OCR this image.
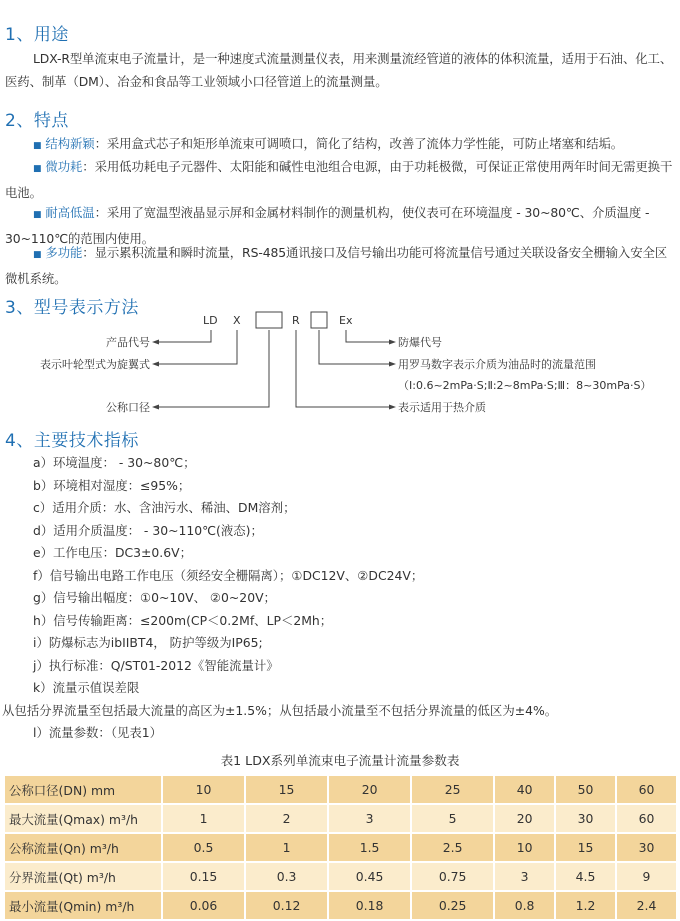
1、用途
LDX-R型单流束电子流量计，是一种速度式流量测量仪表，用来测量流经管道的液体的体积流量，适用于石油、化工、医药、制革（DM）、冶金和食品等工业领域小口径管道上的流量测量。
2、特点
■ 结构新颖：采用盒式芯子和矩形单流束可调喷口，简化了结构，改善了流体力学性能，可防止堵塞和结垢。
■ 微功耗：采用低功耗电子元器件、太阳能和碱性电池组合电源，由于功耗极微，可保证正常使用两年时间无需更换干电池。
■ 耐高低温：采用了宽温型液晶显示屏和金属材料制作的测量机构，使仪表可在环境温度 - 30~80℃、介质温度 - 30~110℃的范围内使用。
■ 多功能：显示累积流量和瞬时流量，RS-485通讯接口及信号输出功能可将流量信号通过关联设备安全栅输入安全区微机系统。
3、型号表示方法
LD X	R	Ex
产品代号
表示叶轮型式为旋翼式
公称口径
防爆代号
用罗马数字表示介质为油品时的流量范围
（Ⅰ:0.6~2mPa·S;Ⅱ:2~8mPa·S;Ⅲ：8~30mPa·S）
表示适用于热介质
4、主要技术指标
a）环境温度： - 30~80℃；
b）环境相对湿度：≤95%；
c）适用介质：水、含油污水、稀油、DM溶剂；
d）适用介质温度： - 30~110℃(液态)；
e）工作电压：DC3±0.6V；
f）信号输出电路工作电压（须经安全栅隔离）；①DC12V、②DC24V；
g）信号输出幅度：①0~10V、 ②0~20V；
h）信号传输距离：≤200m(CP＜0.2Mf、LP＜2Mh；
i）防爆标志为ibIIBT4， 防护等级为IP65;
j）执行标准：Q/ST01-2012《智能流量计》
k）流量示值误差限
从包括分界流量至包括最大流量的高区为±1.5%；从包括最小流量至不包括分界流量的低区为±4%。
l）流量参数：（见表1）
表1 LDX系列单流束电子流量计流量参数表
公称口径(DN) mm	10	15	20	25	40	50	60
最大流量(Qmax) m³/h	1	2	3	5	20	30	60
公称流量(Qn) m³/h	0.5	1	1.5	2.5	10	15	30
分界流量(Qt) m³/h	0.15	0.3	0.45	0.75	3	4.5	9
最小流量(Qmin) m³/h	0.06	0.12	0.18	0.25	0.8	1.2	2.4
